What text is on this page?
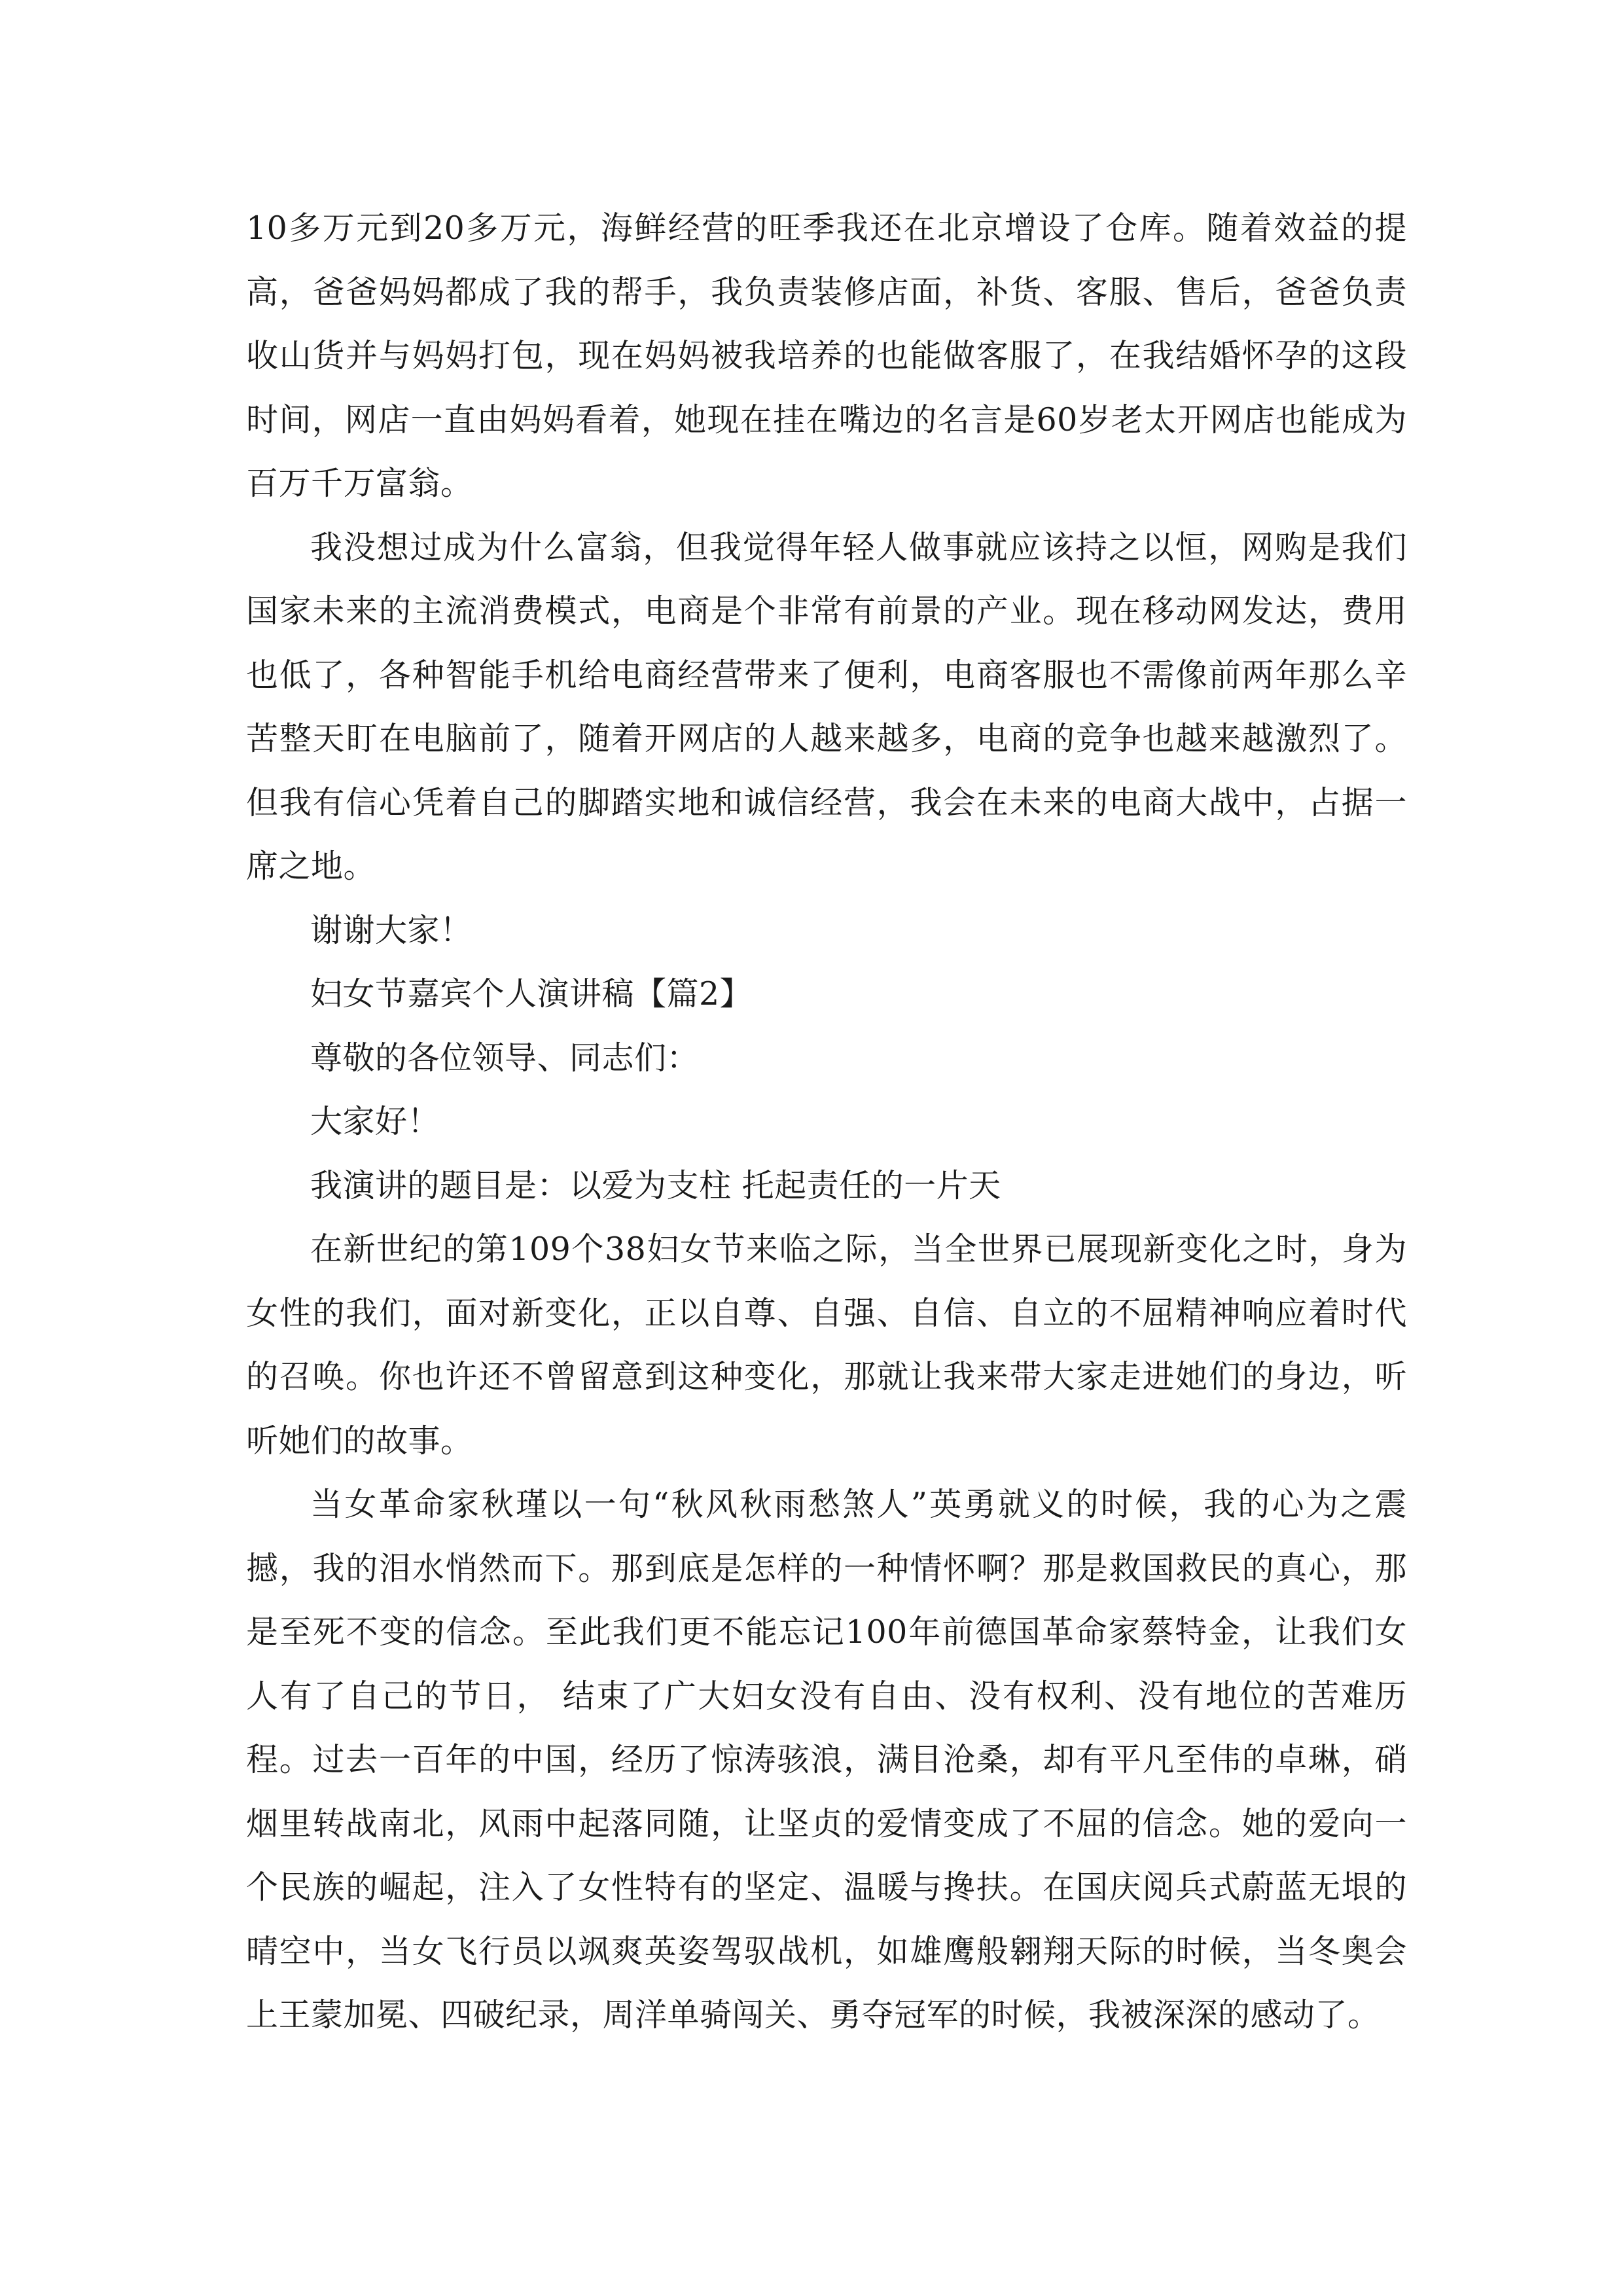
10多万元到20多万元，海鲜经营的旺季我还在北京增设了仓库。随着效益的提高，爸爸妈妈都成了我的帮手，我负责装修店面，补货、客服、售后，爸爸负责收山货并与妈妈打包，现在妈妈被我培养的也能做客服了，在我结婚怀孕的这段时间，网店一直由妈妈看着，她现在挂在嘴边的名言是60岁老太开网店也能成为百万千万富翁。

我没想过成为什么富翁，但我觉得年轻人做事就应该持之以恒，网购是我们国家未来的主流消费模式，电商是个非常有前景的产业。现在移动网发达，费用也低了，各种智能手机给电商经营带来了便利，电商客服也不需像前两年那么辛苦整天盯在电脑前了，随着开网店的人越来越多，电商的竞争也越来越激烈了。但我有信心凭着自己的脚踏实地和诚信经营，我会在未来的电商大战中，占据一席之地。

谢谢大家！

妇女节嘉宾个人演讲稿【篇2】

尊敬的各位领导、同志们：

大家好！

我演讲的题目是：以爱为支柱 托起责任的一片天

在新世纪的第109个38妇女节来临之际，当全世界已展现新变化之时，身为女性的我们，面对新变化，正以自尊、自强、自信、自立的不屈精神响应着时代的召唤。你也许还不曾留意到这种变化，那就让我来带大家走进她们的身边，听听她们的故事。

当女革命家秋瑾以一句“秋风秋雨愁煞人”英勇就义的时候，我的心为之震撼，我的泪水悄然而下。那到底是怎样的一种情怀啊？那是救国救民的真心，那是至死不变的信念。至此我们更不能忘记100年前德国革命家蔡特金，让我们女人有了自己的节日， 结束了广大妇女没有自由、没有权利、没有地位的苦难历程。过去一百年的中国，经历了惊涛骇浪，满目沧桑，却有平凡至伟的卓琳，硝烟里转战南北，风雨中起落同随，让坚贞的爱情变成了不屈的信念。她的爱向一个民族的崛起，注入了女性特有的坚定、温暖与搀扶。在国庆阅兵式蔚蓝无垠的晴空中，当女飞行员以飒爽英姿驾驭战机，如雄鹰般翱翔天际的时候，当冬奥会上王蒙加冕、四破纪录，周洋单骑闯关、勇夺冠军的时候，我被深深的感动了。
